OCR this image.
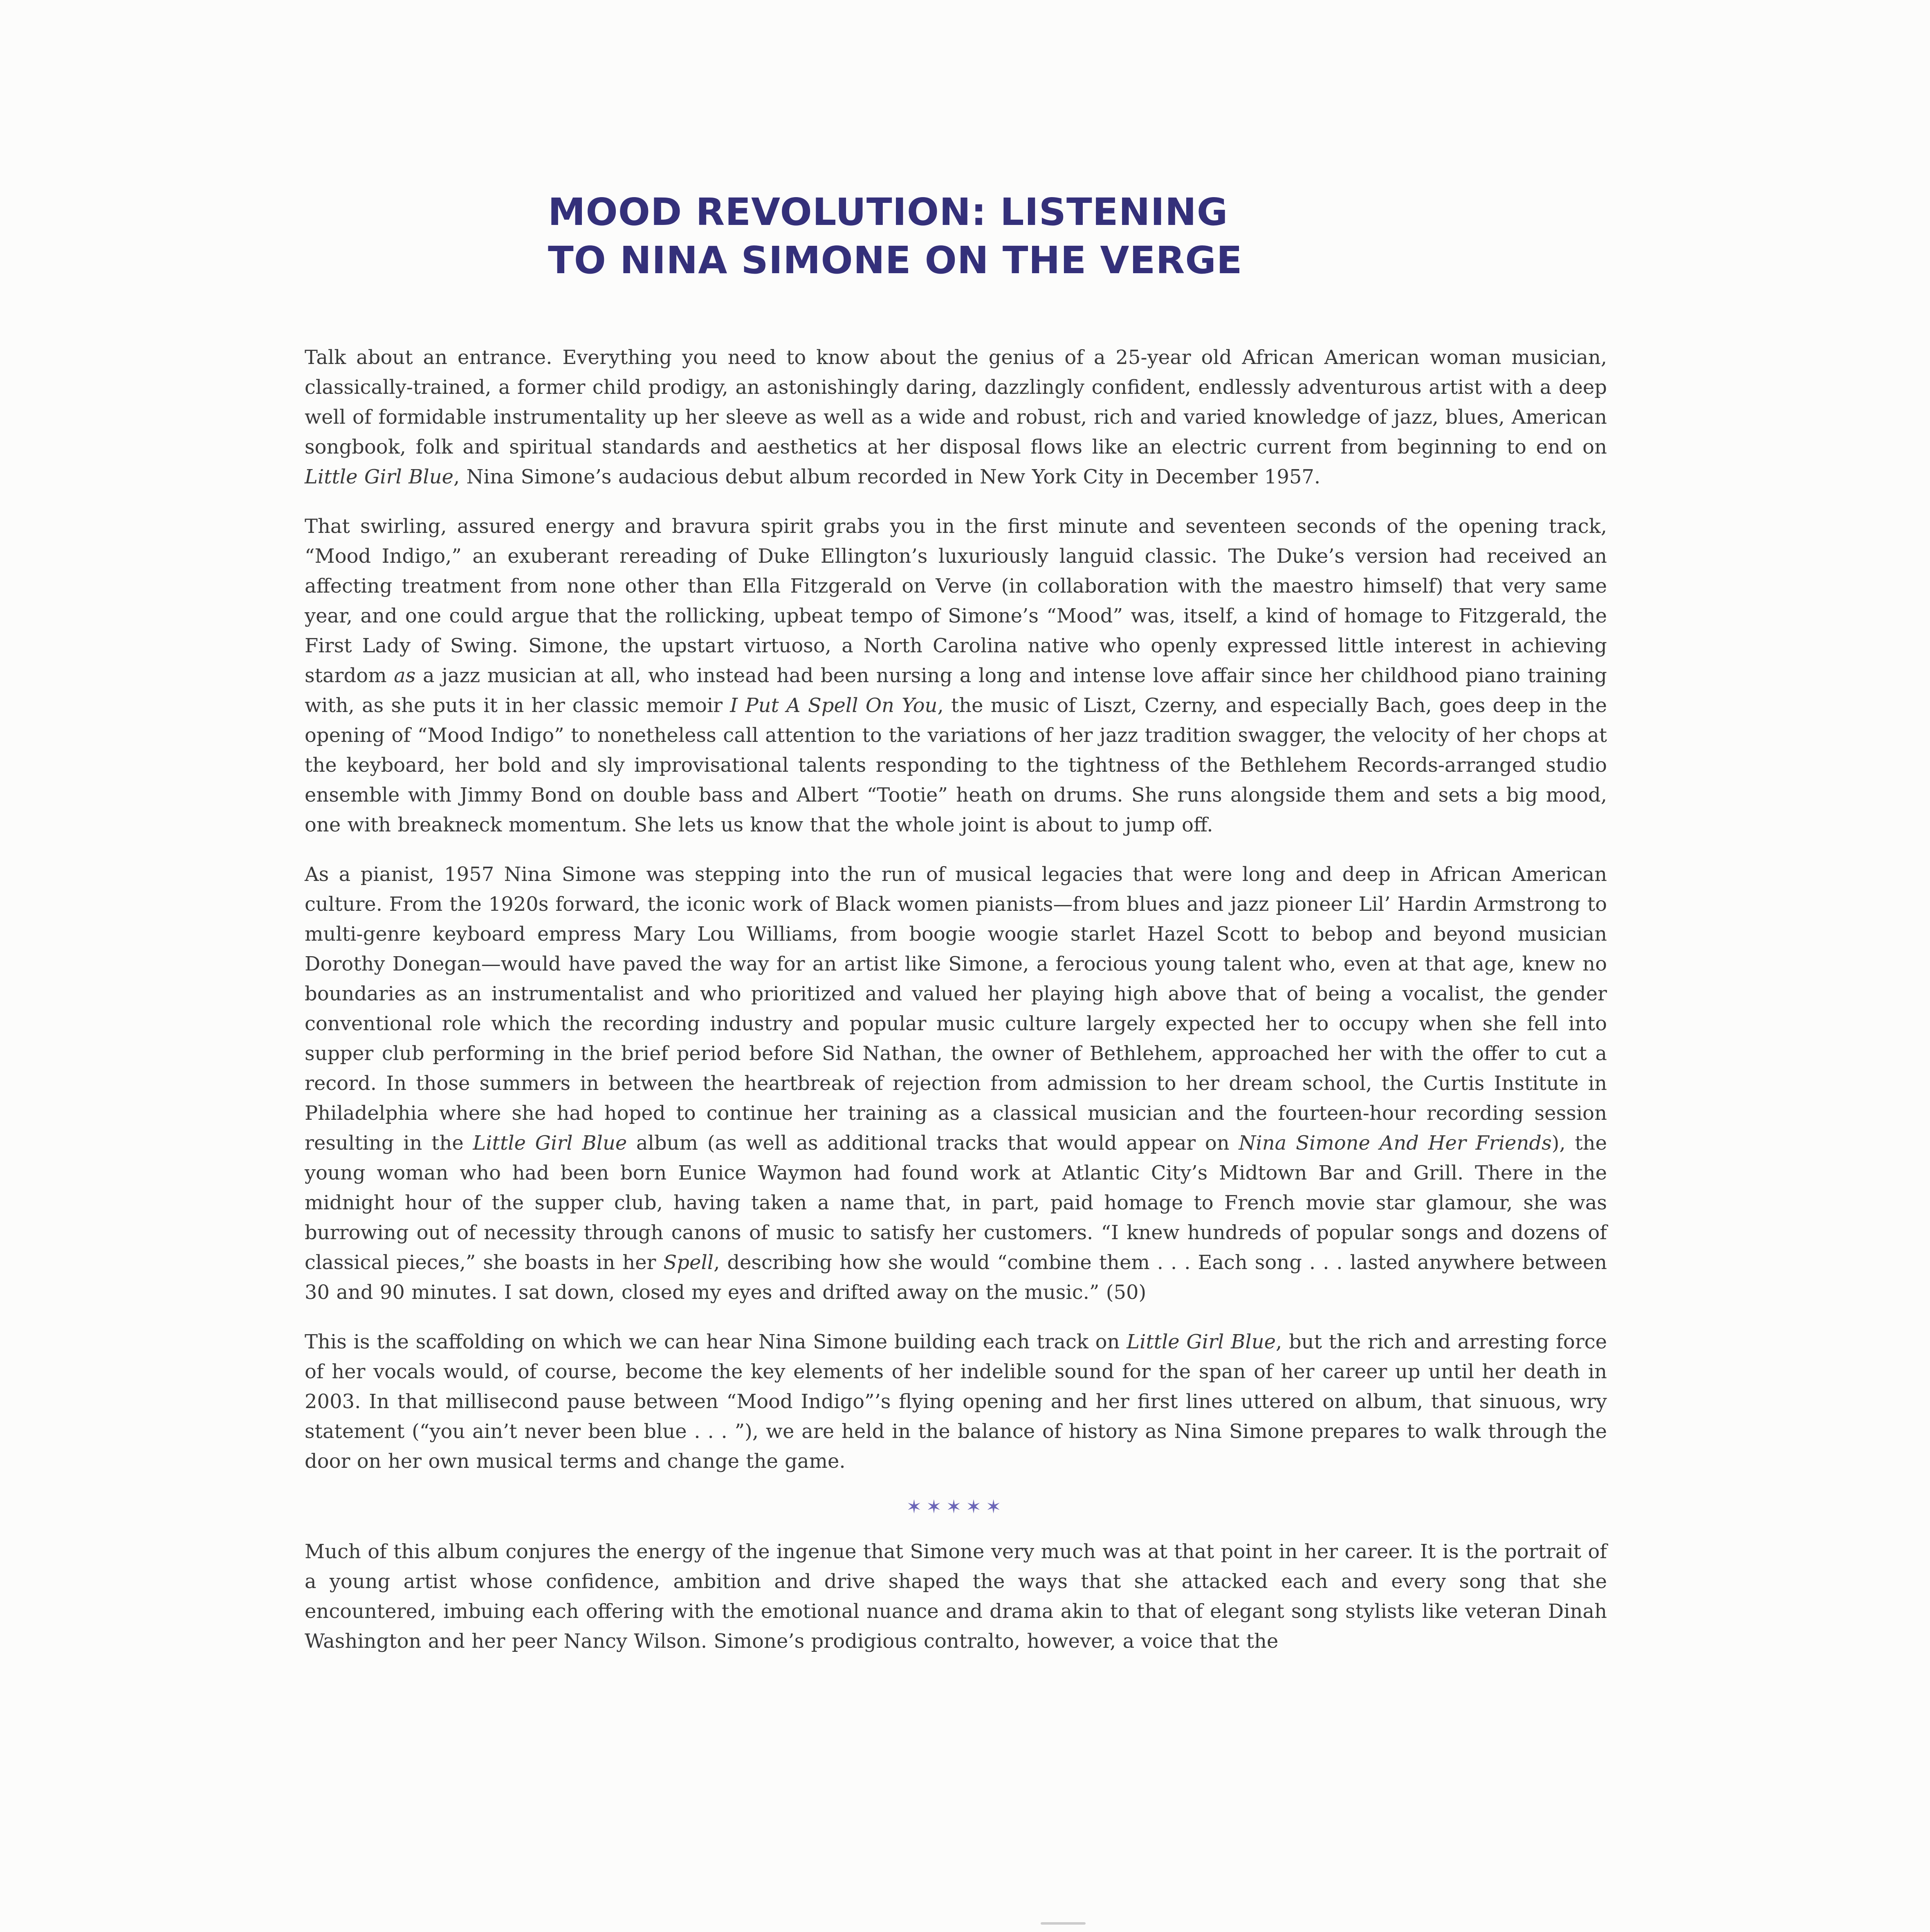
MOOD REVOLUTION: LISTENING
TO NINA SIMONE ON THE VERGE

Talk about an entrance. Everything you need to know about the genius of a 25-year old African American woman musician, classically-trained, a former child prodigy, an astonishingly daring, dazzlingly confident, endlessly adventurous artist with a deep well of formidable instrumentality up her sleeve as well as a wide and robust, rich and varied knowledge of jazz, blues, American songbook, folk and spiritual standards and aesthetics at her disposal flows like an electric current from beginning to end on Little Girl Blue, Nina Simone’s audacious debut album recorded in New York City in December 1957.

That swirling, assured energy and bravura spirit grabs you in the first minute and seventeen seconds of the opening track, “Mood Indigo,” an exuberant rereading of Duke Ellington’s luxuriously languid classic. The Duke’s version had received an affecting treatment from none other than Ella Fitzgerald on Verve (in collaboration with the maestro himself) that very same year, and one could argue that the rollicking, upbeat tempo of Simone’s “Mood” was, itself, a kind of homage to Fitzgerald, the First Lady of Swing. Simone, the upstart virtuoso, a North Carolina native who openly expressed little interest in achieving stardom as a jazz musician at all, who instead had been nursing a long and intense love affair since her childhood piano training with, as she puts it in her classic memoir I Put A Spell On You, the music of Liszt, Czerny, and especially Bach, goes deep in the opening of “Mood Indigo” to nonetheless call attention to the variations of her jazz tradition swagger, the velocity of her chops at the keyboard, her bold and sly improvisational talents responding to the tightness of the Bethlehem Records-arranged studio ensemble with Jimmy Bond on double bass and Albert “Tootie” heath on drums. She runs alongside them and sets a big mood, one with breakneck momentum. She lets us know that the whole joint is about to jump off.

As a pianist, 1957 Nina Simone was stepping into the run of musical legacies that were long and deep in African American culture. From the 1920s forward, the iconic work of Black women pianists—from blues and jazz pioneer Lil’ Hardin Armstrong to multi-genre keyboard empress Mary Lou Williams, from boogie woogie starlet Hazel Scott to bebop and beyond musician Dorothy Donegan—would have paved the way for an artist like Simone, a ferocious young talent who, even at that age, knew no boundaries as an instrumentalist and who prioritized and valued her playing high above that of being a vocalist, the gender conventional role which the recording industry and popular music culture largely expected her to occupy when she fell into supper club performing in the brief period before Sid Nathan, the owner of Bethlehem, approached her with the offer to cut a record. In those summers in between the heartbreak of rejection from admission to her dream school, the Curtis Institute in Philadelphia where she had hoped to continue her training as a classical musician and the fourteen-hour recording session resulting in the Little Girl Blue album (as well as additional tracks that would appear on Nina Simone And Her Friends), the young woman who had been born Eunice Waymon had found work at Atlantic City’s Midtown Bar and Grill. There in the midnight hour of the supper club, having taken a name that, in part, paid homage to French movie star glamour, she was burrowing out of necessity through canons of music to satisfy her customers. “I knew hundreds of popular songs and dozens of classical pieces,” she boasts in her Spell, describing how she would “combine them . . . Each song . . . lasted anywhere between 30 and 90 minutes. I sat down, closed my eyes and drifted away on the music.” (50)

This is the scaffolding on which we can hear Nina Simone building each track on Little Girl Blue, but the rich and arresting force of her vocals would, of course, become the key elements of her indelible sound for the span of her career up until her death in 2003. In that millisecond pause between “Mood Indigo”’s flying opening and her first lines uttered on album, that sinuous, wry statement (“you ain’t never been blue . . . ”), we are held in the balance of history as Nina Simone prepares to walk through the door on her own musical terms and change the game.

✶✶✶✶✶

Much of this album conjures the energy of the ingenue that Simone very much was at that point in her career. It is the portrait of a young artist whose confidence, ambition and drive shaped the ways that she attacked each and every song that she encountered, imbuing each offering with the emotional nuance and drama akin to that of elegant song stylists like veteran Dinah Washington and her peer Nancy Wilson. Simone’s prodigious contralto, however, a voice that the
